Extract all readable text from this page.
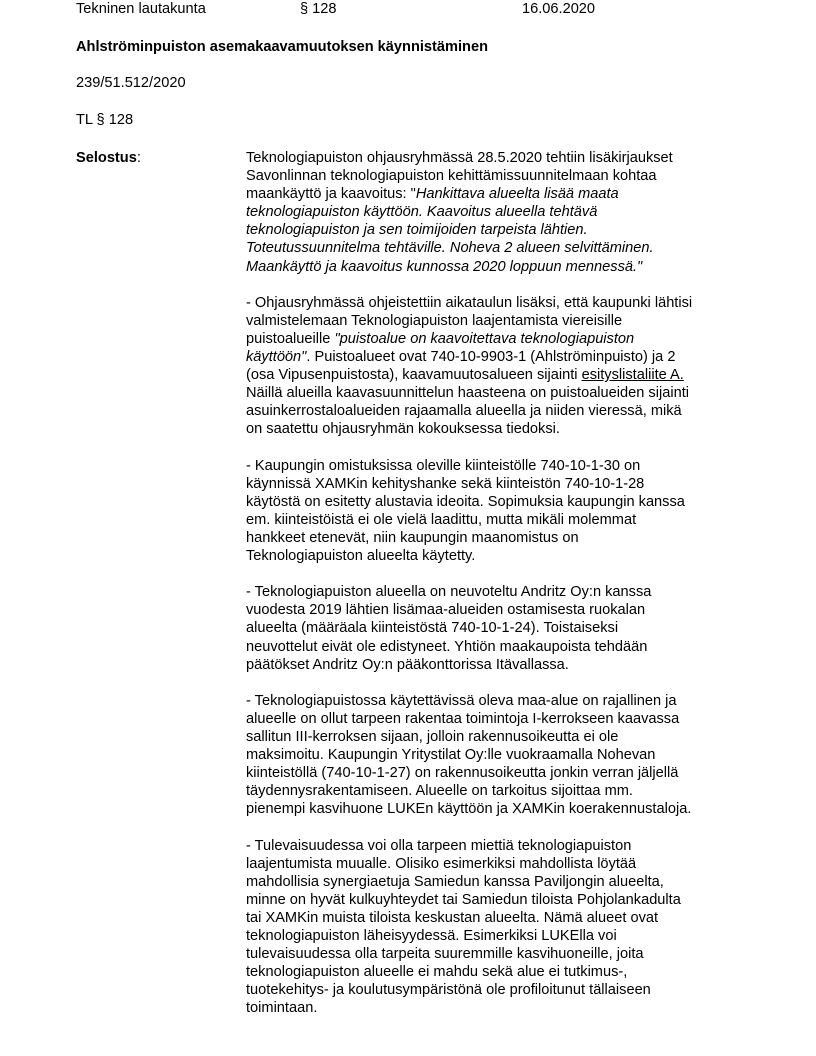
Tekninen lautakunta	§ 128	16.06.2020
Ahlströminpuiston asemakaavamuutoksen käynnistäminen
239/51.512/2020
TL § 128
Selostus:	Teknologiapuiston ohjausryhmässä 28.5.2020 tehtiin lisäkirjaukset
Savonlinnan teknologiapuiston kehittämissuunnitelmaan kohtaa
maankäyttö ja kaavoitus: "Hankittava alueelta lisää maata
teknologiapuiston käyttöön. Kaavoitus alueella tehtävä
teknologiapuiston ja sen toimijoiden tarpeista lähtien.
Toteutussuunnitelma tehtäville. Noheva 2 alueen selvittäminen.
Maankäyttö ja kaavoitus kunnossa 2020 loppuun mennessä."

- Ohjausryhmässä ohjeistettiin aikataulun lisäksi, että kaupunki lähtisi
valmistelemaan Teknologiapuiston laajentamista viereisille
puistoalueille "puistoalue on kaavoitettava teknologiapuiston
käyttöön". Puistoalueet ovat 740-10-9903-1 (Ahlströminpuisto) ja 2
(osa Vipusenpuistosta), kaavamuutosalueen sijainti esityslistaliite A.
Näillä alueilla kaavasuunnittelun haasteena on puistoalueiden sijainti
asuinkerrostaloalueiden rajaamalla alueella ja niiden vieressä, mikä
on saatettu ohjausryhmän kokouksessa tiedoksi.

- Kaupungin omistuksissa oleville kiinteistölle 740-10-1-30 on
käynnissä XAMKin kehityshanke sekä kiinteistön 740-10-1-28
käytöstä on esitetty alustavia ideoita. Sopimuksia kaupungin kanssa
em. kiinteistöistä ei ole vielä laadittu, mutta mikäli molemmat
hankkeet etenevät, niin kaupungin maanomistus on
Teknologiapuiston alueelta käytetty.

- Teknologiapuiston alueella on neuvoteltu Andritz Oy:n kanssa
vuodesta 2019 lähtien lisämaa-alueiden ostamisesta ruokalan
alueelta (määräala kiinteistöstä 740-10-1-24). Toistaiseksi
neuvottelut eivät ole edistyneet. Yhtiön maakaupoista tehdään
päätökset Andritz Oy:n pääkonttorissa Itävallassa.

- Teknologiapuistossa käytettävissä oleva maa-alue on rajallinen ja
alueelle on ollut tarpeen rakentaa toimintoja I-kerrokseen kaavassa
sallitun III-kerroksen sijaan, jolloin rakennusoikeutta ei ole
maksimoitu. Kaupungin Yritystilat Oy:lle vuokraamalla Nohevan
kiinteistöllä (740-10-1-27) on rakennusoikeutta jonkin verran jäljellä
täydennysrakentamiseen. Alueelle on tarkoitus sijoittaa mm.
pienempi kasvihuone LUKEn käyttöön ja XAMKin koerakennustaloja.

- Tulevaisuudessa voi olla tarpeen miettiä teknologiapuiston
laajentumista muualle. Olisiko esimerkiksi mahdollista löytää
mahdollisia synergiaetuja Samiedun kanssa Paviljongin alueelta,
minne on hyvät kulkuyhteydet tai Samiedun tiloista Pohjolankadulta
tai XAMKin muista tiloista keskustan alueelta. Nämä alueet ovat
teknologiapuiston läheisyydessä. Esimerkiksi LUKElla voi
tulevaisuudessa olla tarpeita suuremmille kasvihuoneille, joita
teknologiapuiston alueelle ei mahdu sekä alue ei tutkimus-,
tuotekehitys- ja koulutusympäristönä ole profiloitunut tällaiseen
toimintaan.
